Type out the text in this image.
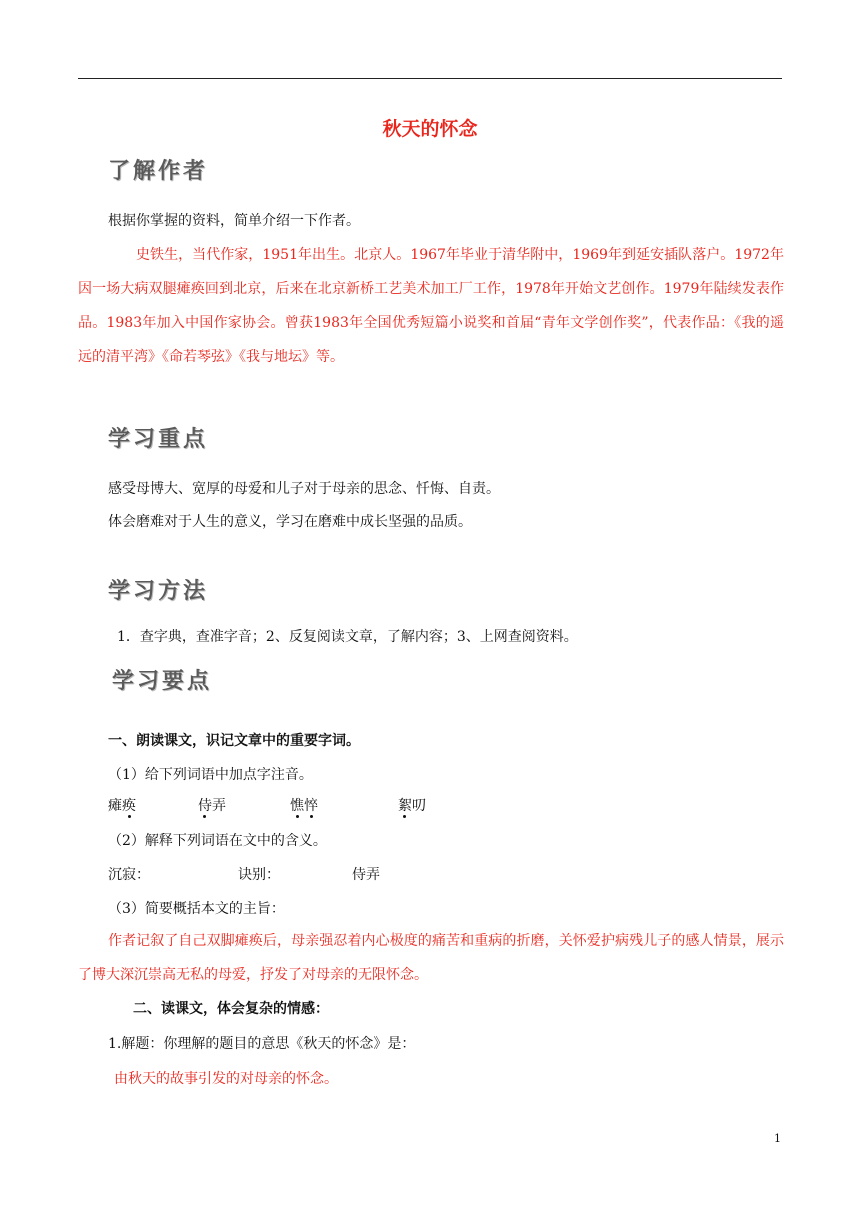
秋天的怀念
了解作者
根据你掌握的资料，简单介绍一下作者。
史铁生，当代作家，1951年出生。北京人。1967年毕业于清华附中，1969年到延安插队落户。1972年因一场大病双腿瘫痪回到北京，后来在北京新桥工艺美术加工厂工作，1978年开始文艺创作。1979年陆续发表作品。1983年加入中国作家协会。曾获1983年全国优秀短篇小说奖和首届“青年文学创作奖”，代表作品：《我的遥远的清平湾》《命若琴弦》《我与地坛》等。
学习重点
感受母博大、宽厚的母爱和儿子对于母亲的思念、忏悔、自责。
体会磨难对于人生的意义，学习在磨难中成长坚强的品质。
学习方法
1．查字典，查准字音；2、反复阅读文章，了解内容；3、上网查阅资料。
学习要点
一、朗读课文，识记文章中的重要字词。
（1）给下列词语中加点字注音。
瘫痪	侍弄	憔悴	絮叨
（2）解释下列词语在文中的含义。
沉寂：	诀别：	侍弄
（3）简要概括本文的主旨：
作者记叙了自己双脚瘫痪后，母亲强忍着内心极度的痛苦和重病的折磨，关怀爱护病残儿子的感人情景，展示了博大深沉崇高无私的母爱，抒发了对母亲的无限怀念。
二、读课文，体会复杂的情感：
1.解题：你理解的题目的意思《秋天的怀念》是：
由秋天的故事引发的对母亲的怀念。
1
